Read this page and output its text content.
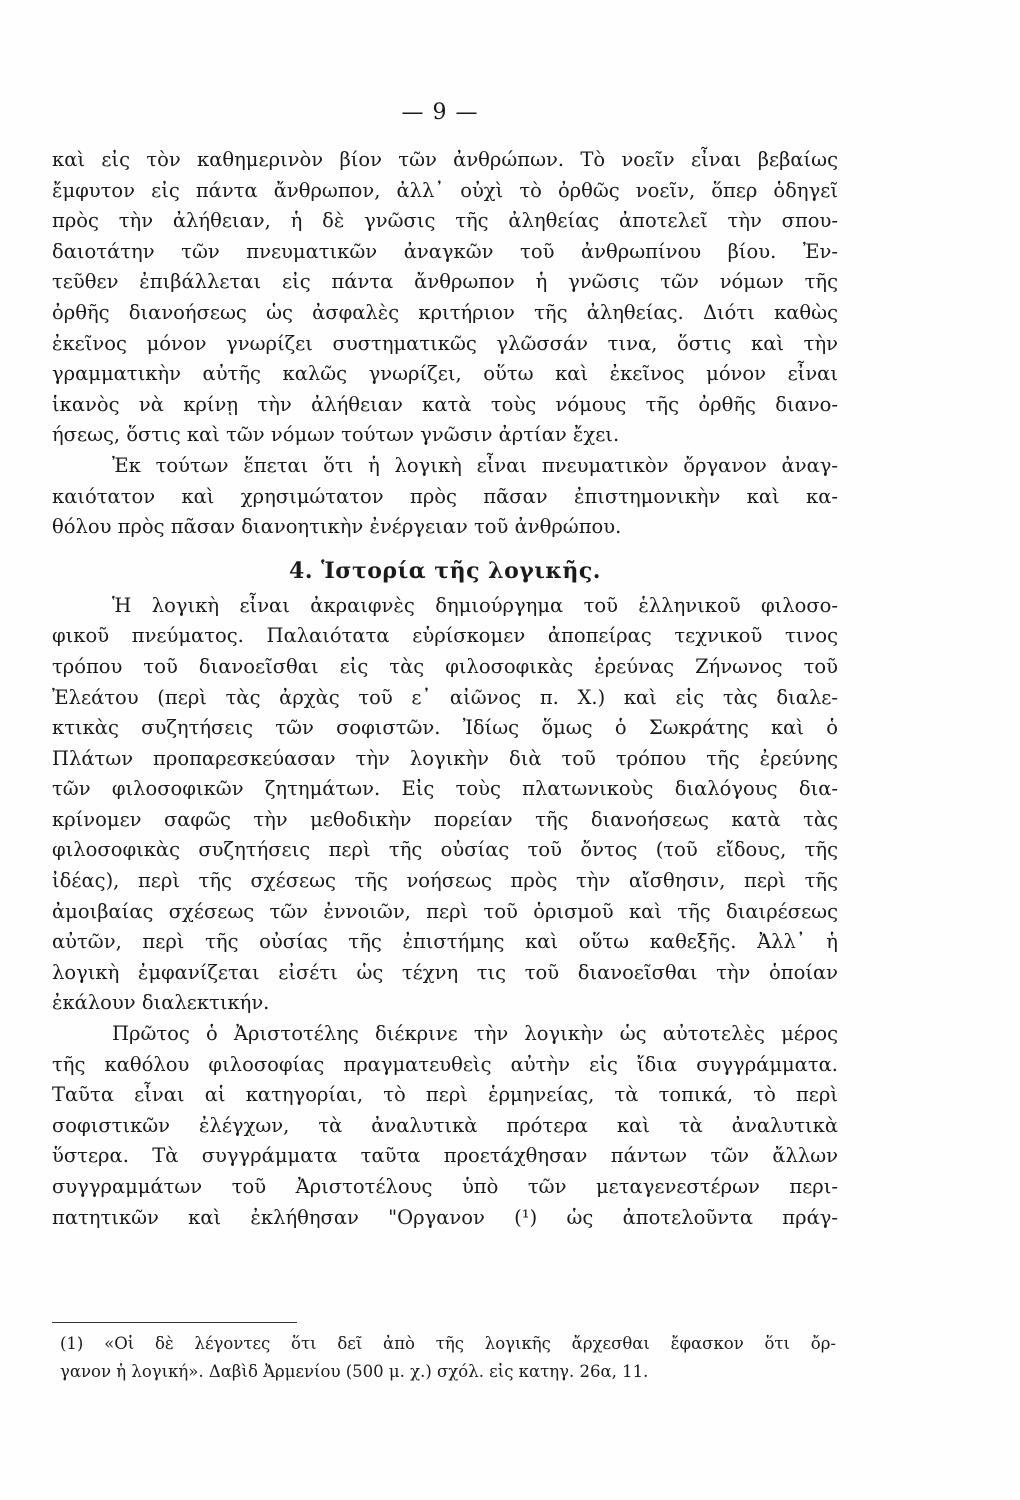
— 9 —
καὶ εἰς τὸν καθημερινὸν βίον τῶν ἀνθρώπων. Τὸ νοεῖν εἶναι βεβαίως
ἔμφυτον εἰς πάντα ἄνθρωπον, ἀλλ᾽ οὐχὶ τὸ ὀρθῶς νοεῖν, ὅπερ ὁδηγεῖ
πρὸς τὴν ἀλήθειαν, ἡ δὲ γνῶσις τῆς ἀληθείας ἀποτελεῖ τὴν σπου-
δαιοτάτην τῶν πνευματικῶν ἀναγκῶν τοῦ ἀνθρωπίνου βίου. Ἐν-
τεῦθεν ἐπιβάλλεται εἰς πάντα ἄνθρωπον ἡ γνῶσις τῶν νόμων τῆς
ὀρθῆς διανοήσεως ὡς ἀσφαλὲς κριτήριον τῆς ἀληθείας. Διότι καθὼς
ἐκεῖνος μόνον γνωρίζει συστηματικῶς γλῶσσάν τινα, ὅστις καὶ τὴν
γραμματικὴν αὐτῆς καλῶς γνωρίζει, οὕτω καὶ ἐκεῖνος μόνον εἶναι
ἱκανὸς νὰ κρίνῃ τὴν ἀλήθειαν κατὰ τοὺς νόμους τῆς ὀρθῆς διανο-
ήσεως, ὅστις καὶ τῶν νόμων τούτων γνῶσιν ἀρτίαν ἔχει.
Ἐκ τούτων ἕπεται ὅτι ἡ λογικὴ εἶναι πνευματικὸν ὄργανον ἀναγ-
καιότατον καὶ χρησιμώτατον πρὸς πᾶσαν ἐπιστημονικὴν καὶ κα-
θόλου πρὸς πᾶσαν διανοητικὴν ἐνέργειαν τοῦ ἀνθρώπου.
4. Ἱστορία τῆς λογικῆς.
Ἡ λογικὴ εἶναι ἀκραιφνὲς δημιούργημα τοῦ ἑλληνικοῦ φιλοσο-
φικοῦ πνεύματος. Παλαιότατα εὑρίσκομεν ἀποπείρας τεχνικοῦ τινος
τρόπου τοῦ διανοεῖσθαι εἰς τὰς φιλοσοφικὰς ἐρεύνας Ζήνωνος τοῦ
Ἐλεάτου (περὶ τὰς ἀρχὰς τοῦ ε᾽ αἰῶνος π. Χ.) καὶ εἰς τὰς διαλε-
κτικὰς συζητήσεις τῶν σοφιστῶν. Ἰδίως ὅμως ὁ Σωκράτης καὶ ὁ
Πλάτων προπαρεσκεύασαν τὴν λογικὴν διὰ τοῦ τρόπου τῆς ἐρεύνης
τῶν φιλοσοφικῶν ζητημάτων. Εἰς τοὺς πλατωνικοὺς διαλόγους δια-
κρίνομεν σαφῶς τὴν μεθοδικὴν πορείαν τῆς διανοήσεως κατὰ τὰς
φιλοσοφικὰς συζητήσεις περὶ τῆς οὐσίας τοῦ ὄντος (τοῦ εἴδους, τῆς
ἰδέας), περὶ τῆς σχέσεως τῆς νοήσεως πρὸς τὴν αἴσθησιν, περὶ τῆς
ἀμοιβαίας σχέσεως τῶν ἐννοιῶν, περὶ τοῦ ὁρισμοῦ καὶ τῆς διαιρέσεως
αὐτῶν, περὶ τῆς οὐσίας τῆς ἐπιστήμης καὶ οὕτω καθεξῆς. Ἀλλ᾽ ἡ
λογικὴ ἐμφανίζεται εἰσέτι ὡς τέχνη τις τοῦ διανοεῖσθαι τὴν ὁποίαν
ἐκάλουν διαλεκτικήν.
Πρῶτος ὁ Ἀριστοτέλης διέκρινε τὴν λογικὴν ὡς αὐτοτελὲς μέρος
τῆς καθόλου φιλοσοφίας πραγματευθεὶς αὐτὴν εἰς ἴδια συγγράμματα.
Ταῦτα εἶναι αἱ κατηγορίαι, τὸ περὶ ἑρμηνείας, τὰ τοπικά, τὸ περὶ
σοφιστικῶν ἐλέγχων, τὰ ἀναλυτικὰ πρότερα καὶ τὰ ἀναλυτικὰ
ὕστερα. Τὰ συγγράμματα ταῦτα προετάχθησαν πάντων τῶν ἄλλων
συγγραμμάτων τοῦ Ἀριστοτέλους ὑπὸ τῶν μεταγενεστέρων περι-
πατητικῶν καὶ ἐκλήθησαν "Οργανον (¹) ὡς ἀποτελοῦντα πράγ-
(1) «Οἱ δὲ λέγοντες ὅτι δεῖ ἀπὸ τῆς λογικῆς ἄρχεσθαι ἔφασκον ὅτι ὄρ-
γανον ἡ λογική». Δαβὶδ Ἀρμενίου (500 μ. χ.) σχόλ. εἰς κατηγ. 26α, 11.
